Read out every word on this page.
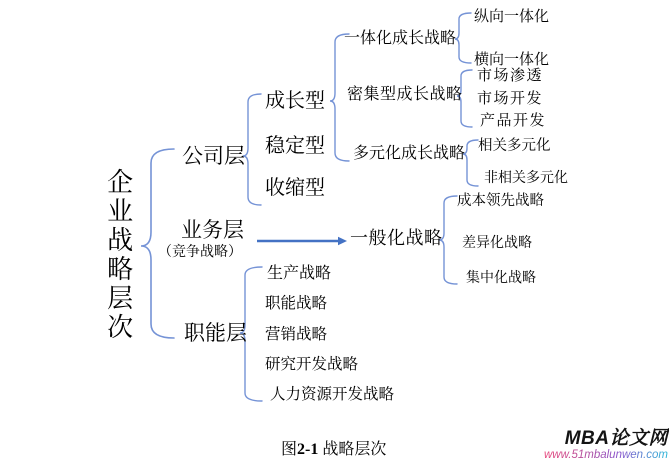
企业战略层次
公司层
业务层
（竞争战略）
职能层
成长型
稳定型
收缩型
一体化成长战略
密集型成长战略
多元化成长战略
纵向一体化
横向一体化
市场渗透
市场开发
产品开发
相关多元化
非相关多元化
一般化战略
成本领先战略
差异化战略
集中化战略
生产战略
职能战略
营销战略
研究开发战略
人力资源开发战略
图2-1 战略层次
MBA论文网
www.51mbalunwen.com
